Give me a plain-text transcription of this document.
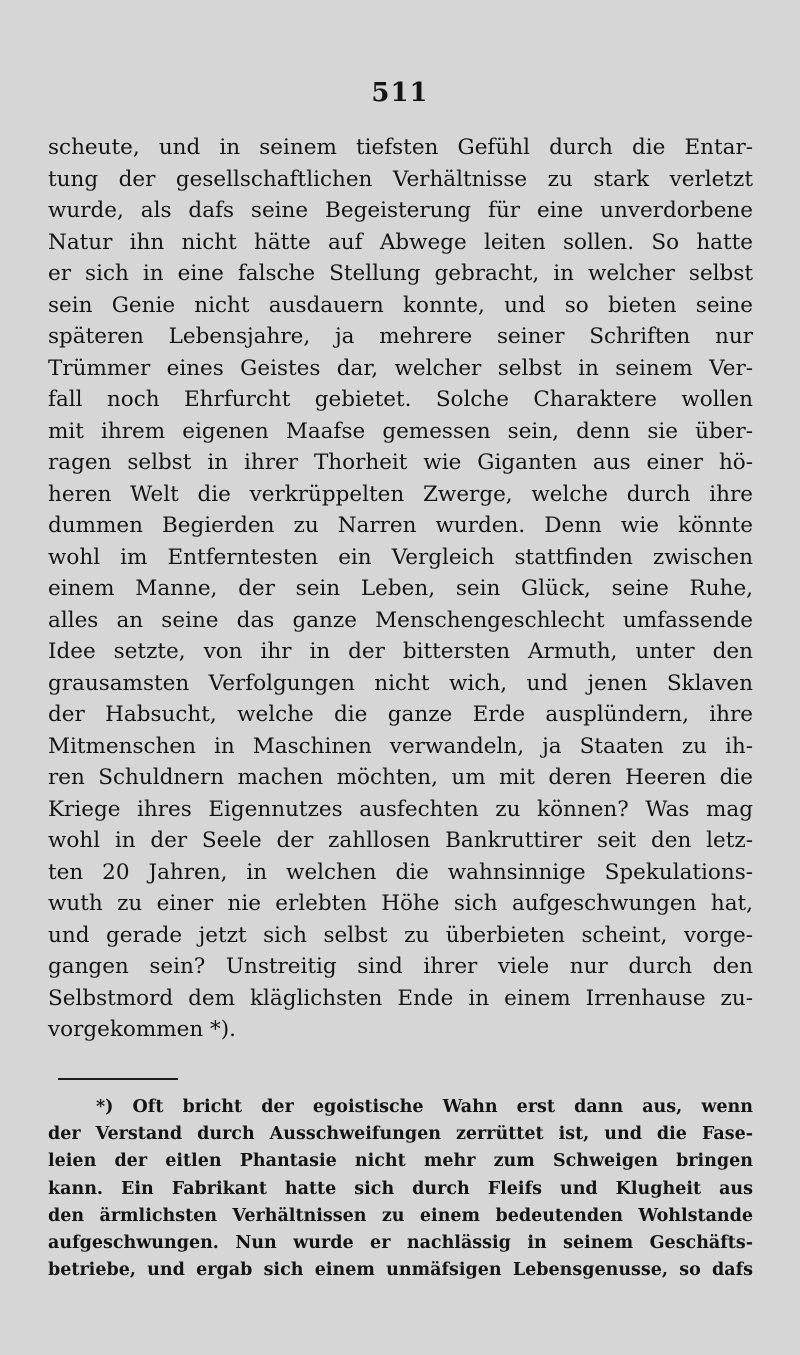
511
scheute, und in seinem tiefsten Gefühl durch die Entar-
tung der gesellschaftlichen Verhältnisse zu stark verletzt
wurde, als dafs seine Begeisterung für eine unverdorbene
Natur ihn nicht hätte auf Abwege leiten sollen. So hatte
er sich in eine falsche Stellung gebracht, in welcher selbst
sein Genie nicht ausdauern konnte, und so bieten seine
späteren Lebensjahre, ja mehrere seiner Schriften nur
Trümmer eines Geistes dar, welcher selbst in seinem Ver-
fall noch Ehrfurcht gebietet. Solche Charaktere wollen
mit ihrem eigenen Maafse gemessen sein, denn sie über-
ragen selbst in ihrer Thorheit wie Giganten aus einer hö-
heren Welt die verkrüppelten Zwerge, welche durch ihre
dummen Begierden zu Narren wurden. Denn wie könnte
wohl im Entferntesten ein Vergleich stattfinden zwischen
einem Manne, der sein Leben, sein Glück, seine Ruhe,
alles an seine das ganze Menschengeschlecht umfassende
Idee setzte, von ihr in der bittersten Armuth, unter den
grausamsten Verfolgungen nicht wich, und jenen Sklaven
der Habsucht, welche die ganze Erde ausplündern, ihre
Mitmenschen in Maschinen verwandeln, ja Staaten zu ih-
ren Schuldnern machen möchten, um mit deren Heeren die
Kriege ihres Eigennutzes ausfechten zu können? Was mag
wohl in der Seele der zahllosen Bankruttirer seit den letz-
ten 20 Jahren, in welchen die wahnsinnige Spekulations-
wuth zu einer nie erlebten Höhe sich aufgeschwungen hat,
und gerade jetzt sich selbst zu überbieten scheint, vorge-
gangen sein? Unstreitig sind ihrer viele nur durch den
Selbstmord dem kläglichsten Ende in einem Irrenhause zu-
vorgekommen *).
*) Oft bricht der egoistische Wahn erst dann aus, wenn
der Verstand durch Ausschweifungen zerrüttet ist, und die Fase-
leien der eitlen Phantasie nicht mehr zum Schweigen bringen
kann. Ein Fabrikant hatte sich durch Fleifs und Klugheit aus
den ärmlichsten Verhältnissen zu einem bedeutenden Wohlstande
aufgeschwungen. Nun wurde er nachlässig in seinem Geschäfts-
betriebe, und ergab sich einem unmäfsigen Lebensgenusse, so dafs
